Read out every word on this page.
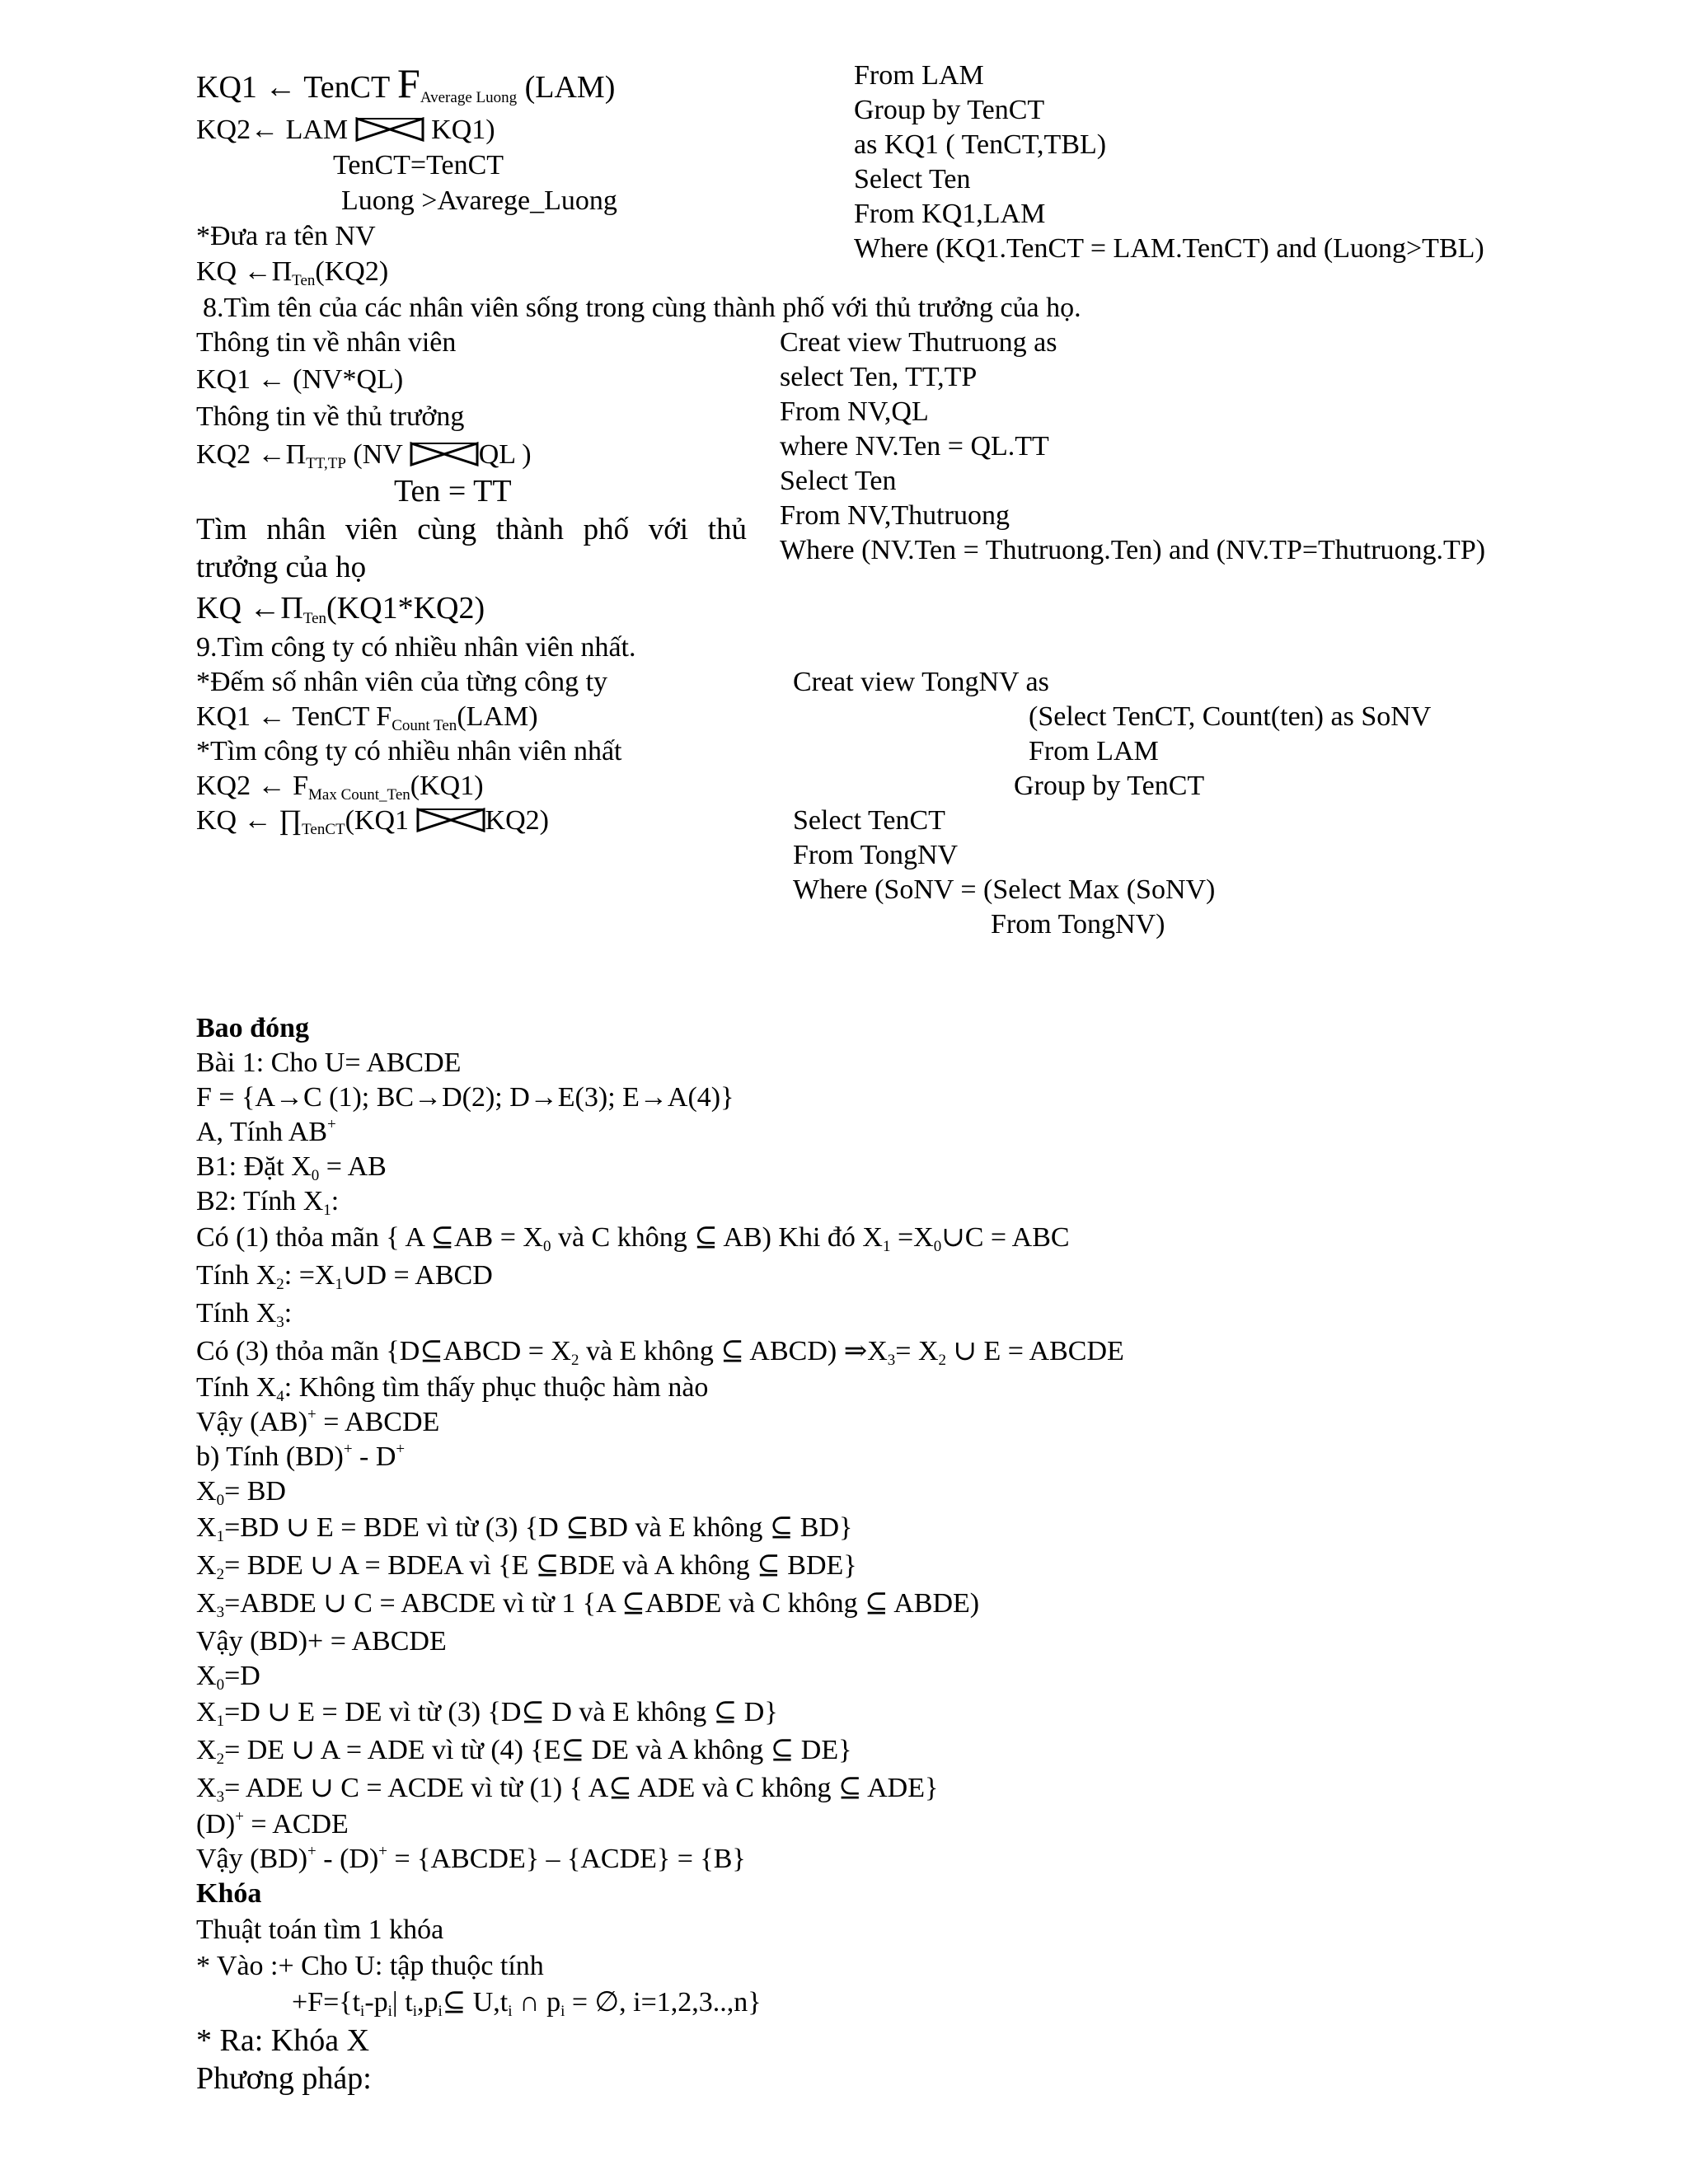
KQ1 ← TenCT $F_{Average Luong}$ (LAM)
KQ2← LAM  KQ1)
TenCT=TenCT
Luong >Avarege_Luong
*Đưa ra tên NV
KQ $\leftarrow\Pi_{Ten}(KQ2)$
From LAM
Group by TenCT
as KQ1 ( TenCT,TBL)
Select Ten
From KQ1,LAM
Where (KQ1.TenCT = LAM.TenCT) and (Luong>TBL)
8.Tìm tên của các nhân viên sống trong cùng thành phố với thủ trưởng của họ.
Thông tin về nhân viên
KQ1 ← (NV*QL)
Thông tin về thủ trưởng
KQ2 $\leftarrow\Pi_{TT,TP}$ (NV QL )
Ten = TT
Tìm nhân viên cùng thành phố với thủ trưởng của họ
KQ $\leftarrow\Pi_{Ten}(KQ1*KQ2)$
Creat view Thutruong as
select Ten, TT,TP
From NV,QL
where NV.Ten = QL.TT
Select Ten
From NV,Thutruong
Where (NV.Ten = Thutruong.Ten) and (NV.TP=Thutruong.TP)
9.Tìm công ty có nhiều nhân viên nhất.
*Đếm số nhân viên của từng công ty
KQ1 ← TenCT $F_{Count Ten}(LAM)$
*Tìm công ty có nhiều nhân viên nhất
KQ2 ← $F_{Max Count\_Ten}(KQ1)$
KQ ← $\prod_{TenCT}(KQ1$ KQ2)
Creat view TongNV as
(Select TenCT, Count(ten) as SoNV
From LAM
Group by TenCT
Select TenCT
From TongNV
Where (SoNV = (Select Max (SoNV)
From TongNV)
Bao đóng
Bài 1: Cho U= ABCDE
F = {A→C (1); BC→D(2); D→E(3); E→A(4)}
A, Tính AB+
B1: Đặt $X_0$ = AB
B2: Tính $X_1$:
Có (1) thỏa mãn { A ⊆AB = $X_0$ và C không ⊆ AB) Khi đó $X_1$ $=X_0\cup C$ = ABC
Tính $X_2$: $=X_1\cup D$ = ABCD
Tính $X_3$:
Có (3) thỏa mãn {D⊆ABCD = $X_2$ và E không ⊆ ABCD) $\Rightarrow X_3= X_2$ ∪ E = ABCDE
Tính $X_4$: Không tìm thấy phục thuộc hàm nào
Vậy (AB)+ = ABCDE
b) Tính (BD)+ - D+
$X_0=$ BD
$X_1=BD$ ∪ E = BDE vì từ (3) {D ⊆BD và E không ⊆ BD}
$X_2=$ BDE ∪ A = BDEA vì {E ⊆BDE và A không ⊆ BDE}
$X_3=ABDE$ ∪ C = ABCDE vì từ 1 {A ⊆ABDE và C không ⊆ ABDE)
Vậy (BD)+ = ABCDE
$X_0=D$
$X_1=D$ ∪ E = DE vì từ (3) {D⊆ D và E không ⊆ D}
$X_2=$ DE ∪ A = ADE vì từ (4) {E⊆ DE và A không ⊆ DE}
$X_3=$ ADE ∪ C = ACDE vì từ (1) { A⊆ ADE và C không ⊆ ADE}
(D)+ = ACDE
Vậy (BD)+ - (D)+ = {ABCDE} – {ACDE} = {B}
Khóa
Thuật toán tìm 1 khóa
* Vào :+ Cho U: tập thuộc tính
$+F=\{t_i-p_i|$ $t_i,p_i⊆$ $U,t_i$ ∩ $p_i$ = ∅, i=1,2,3..,n}
* Ra: Khóa X
Phương pháp:
